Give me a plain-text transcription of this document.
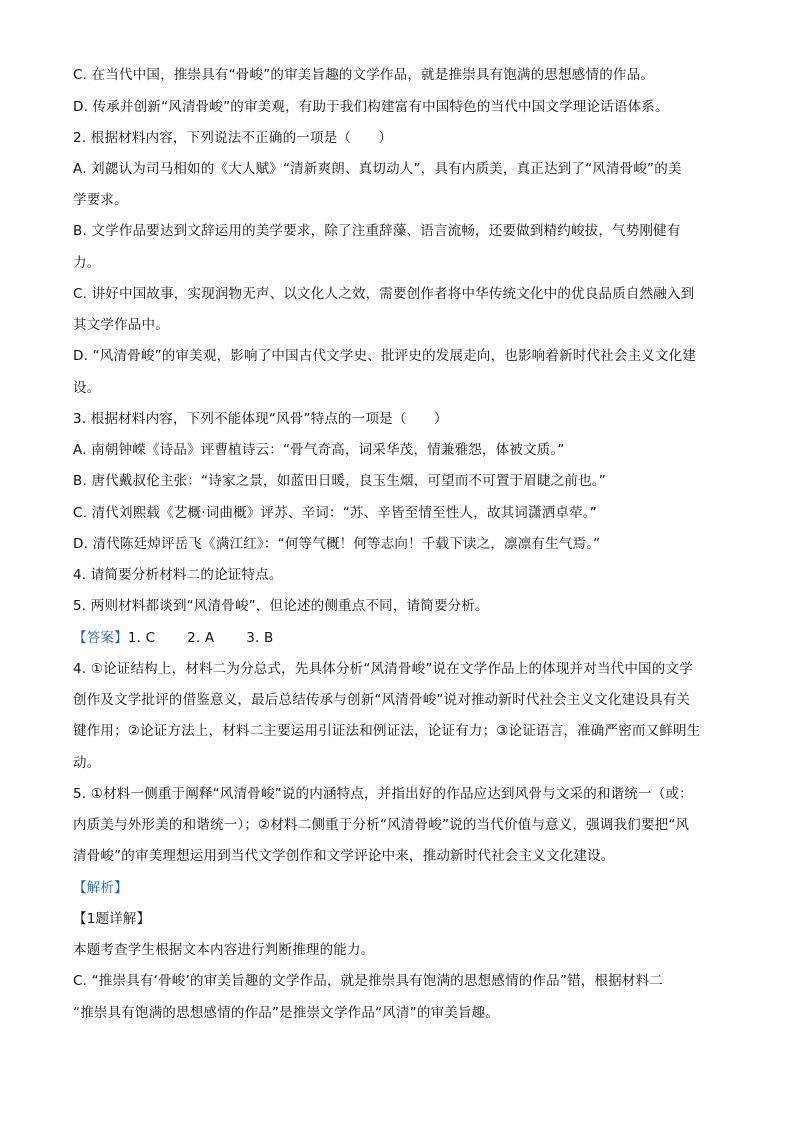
C. 在当代中国，推崇具有“骨峻”的审美旨趣的文学作品，就是推崇具有饱满的思想感情的作品。
D. 传承并创新“风清骨峻”的审美观，有助于我们构建富有中国特色的当代中国文学理论话语体系。
2. 根据材料内容，下列说法不正确的一项是（　　）
A. 刘勰认为司马相如的《大人赋》“清新爽朗、真切动人”，具有内质美，真正达到了“风清骨峻”的美
学要求。
B. 文学作品要达到文辞运用的美学要求，除了注重辞藻、语言流畅，还要做到精约峻拔，气势刚健有
力。
C. 讲好中国故事，实现润物无声、以文化人之效，需要创作者将中华传统文化中的优良品质自然融入到
其文学作品中。
D. “风清骨峻”的审美观，影响了中国古代文学史、批评史的发展走向，也影响着新时代社会主义文化建
设。
3. 根据材料内容，下列不能体现“风骨”特点的一项是（　　）
A. 南朝钟嵘《诗品》评曹植诗云：“骨气奇高，词采华茂，情兼雅怨，体被文质。”
B. 唐代戴叔伦主张：“诗家之景，如蓝田日暖，良玉生烟，可望而不可置于眉睫之前也。”
C. 清代刘熙载《艺概·词曲概》评苏、辛词：“苏、辛皆至情至性人，故其词潇洒卓荦。”
D. 清代陈廷焯评岳飞《满江红》：“何等气概！何等志向！千载下读之，凛凛有生气焉。”
4. 请简要分析材料二的论证特点。
5. 两则材料都谈到“风清骨峻”，但论述的侧重点不同，请简要分析。
【答案】1. C　　 2. A　　 3. B
4. ①论证结构上，材料二为分总式，先具体分析“风清骨峻”说在文学作品上的体现并对当代中国的文学
创作及文学批评的借鉴意义，最后总结传承与创新“风清骨峻”说对推动新时代社会主义文化建设具有关
键作用；②论证方法上，材料二主要运用引证法和例证法，论证有力；③论证语言，准确严密而又鲜明生
动。
5. ①材料一侧重于阐释“风清骨峻”说的内涵特点，并指出好的作品应达到风骨与文采的和谐统一（或：
内质美与外形美的和谐统一）；②材料二侧重于分析“风清骨峻”说的当代价值与意义，强调我们要把“风
清骨峻”的审美理想运用到当代文学创作和文学评论中来，推动新时代社会主义文化建设。
【解析】
【1题详解】
本题考查学生根据文本内容进行判断推理的能力。
C. “推崇具有‘骨峻’的审美旨趣的文学作品，就是推崇具有饱满的思想感情的作品”错，根据材料二
“推崇具有饱满的思想感情的作品”是推崇文学作品“风清”的审美旨趣。
